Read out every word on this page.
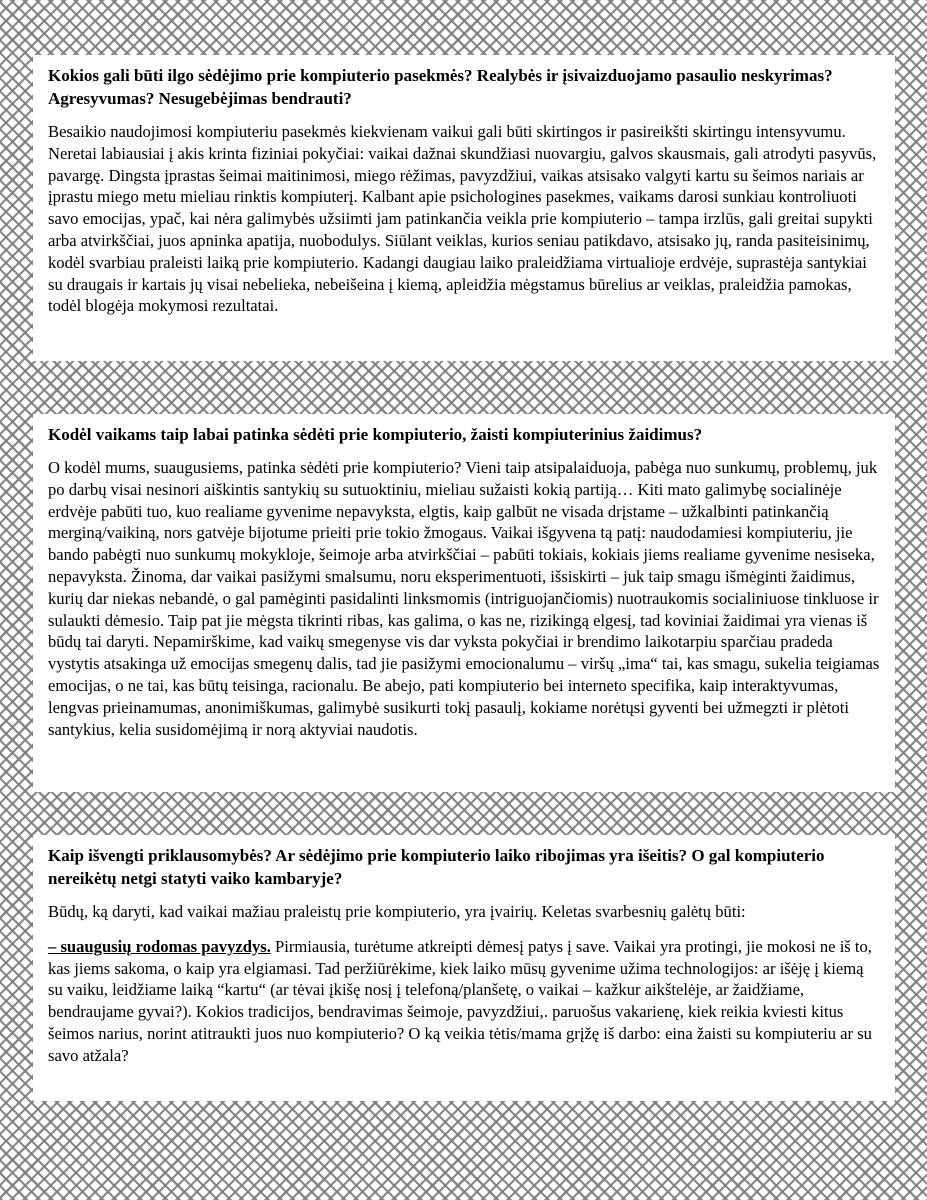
Kokios gali būti ilgo sėdėjimo prie kompiuterio pasekmės? Realybės ir įsivaizduojamo pasaulio neskyrimas? Agresyvumas? Nesugebėjimas bendrauti?

Besaikio naudojimosi kompiuteriu pasekmės kiekvienam vaikui gali būti skirtingos ir pasireikšti skirtingu intensyvumu. Neretai labiausiai į akis krinta fiziniai pokyčiai: vaikai dažnai skundžiasi nuovargiu, galvos skausmais, gali atrodyti pasyvūs, pavargę. Dingsta įprastas šeimai maitinimosi, miego rėžimas, pavyzdžiui, vaikas atsisako valgyti kartu su šeimos nariais ar įprastu miego metu mieliau rinktis kompiuterį. Kalbant apie psichologines pasekmes, vaikams darosi sunkiau kontroliuoti savo emocijas, ypač, kai nėra galimybės užsiimti jam patinkančia veikla prie kompiuterio – tampa irzlūs, gali greitai supykti arba atvirkščiai, juos apninka apatija, nuobodulys. Siūlant veiklas, kurios seniau patikdavo, atsisako jų, randa pasiteisinimų, kodėl svarbiau praleisti laiką prie kompiuterio. Kadangi daugiau laiko praleidžiama virtualioje erdvėje, suprastėja santykiai su draugais ir kartais jų visai nebelieka, nebeišeina į kiemą, apleidžia mėgstamus būrelius ar veiklas, praleidžia pamokas, todėl blogėja mokymosi rezultatai.

Kodėl vaikams taip labai patinka sėdėti prie kompiuterio, žaisti kompiuterinius žaidimus?

O kodėl mums, suaugusiems, patinka sėdėti prie kompiuterio? Vieni taip atsipalaiduoja, pabėga nuo sunkumų, problemų, juk po darbų visai nesinori aiškintis santykių su sutuoktiniu, mieliau sužaisti kokią partiją… Kiti mato galimybę socialinėje erdvėje pabūti tuo, kuo realiame gyvenime nepavyksta, elgtis, kaip galbūt ne visada drįstame – užkalbinti patinkančią merginą/vaikiną, nors gatvėje bijotume prieiti prie tokio žmogaus. Vaikai išgyvena tą patį: naudodamiesi kompiuteriu, jie bando pabėgti nuo sunkumų mokykloje, šeimoje arba atvirkščiai – pabūti tokiais, kokiais jiems realiame gyvenime nesiseka, nepavyksta. Žinoma, dar vaikai pasižymi smalsumu, noru eksperimentuoti, išsiskirti – juk taip smagu išmėginti žaidimus, kurių dar niekas nebandė, o gal pamėginti pasidalinti linksmomis (intriguojančiomis) nuotraukomis socialiniuose tinkluose ir sulaukti dėmesio. Taip pat jie mėgsta tikrinti ribas, kas galima, o kas ne, rizikingą elgesį, tad koviniai žaidimai yra vienas iš būdų tai daryti. Nepamirškime, kad vaikų smegenyse vis dar vyksta pokyčiai ir brendimo laikotarpiu sparčiau pradeda vystytis atsakinga už emocijas smegenų dalis, tad jie pasižymi emocionalumu – viršų „ima“ tai, kas smagu, sukelia teigiamas emocijas, o ne tai, kas būtų teisinga, racionalu. Be abejo, pati kompiuterio bei interneto specifika, kaip interaktyvumas, lengvas prieinamumas, anonimiškumas, galimybė susikurti tokį pasaulį, kokiame norėtųsi gyventi bei užmegzti ir plėtoti santykius, kelia susidomėjimą ir norą aktyviai naudotis.

Kaip išvengti priklausomybės? Ar sėdėjimo prie kompiuterio laiko ribojimas yra išeitis? O gal kompiuterio nereikėtų netgi statyti vaiko kambaryje?

Būdų, ką daryti, kad vaikai mažiau praleistų prie kompiuterio, yra įvairių. Keletas svarbesnių galėtų būti:

– suaugusių rodomas pavyzdys. Pirmiausia, turėtume atkreipti dėmesį patys į save. Vaikai yra protingi, jie mokosi ne iš to, kas jiems sakoma, o kaip yra elgiamasi. Tad peržiūrėkime, kiek laiko mūsų gyvenime užima technologijos: ar išėję į kiemą su vaiku, leidžiame laiką “kartu“ (ar tėvai įkišę nosį į telefoną/planšetę, o vaikai – kažkur aikštelėje, ar žaidžiame, bendraujame gyvai?). Kokios tradicijos, bendravimas šeimoje, pavyzdžiui,. paruošus vakarienę, kiek reikia kviesti kitus šeimos narius, norint atitraukti juos nuo kompiuterio? O ką veikia tėtis/mama grįžę iš darbo: eina žaisti su kompiuteriu ar su savo atžala?
